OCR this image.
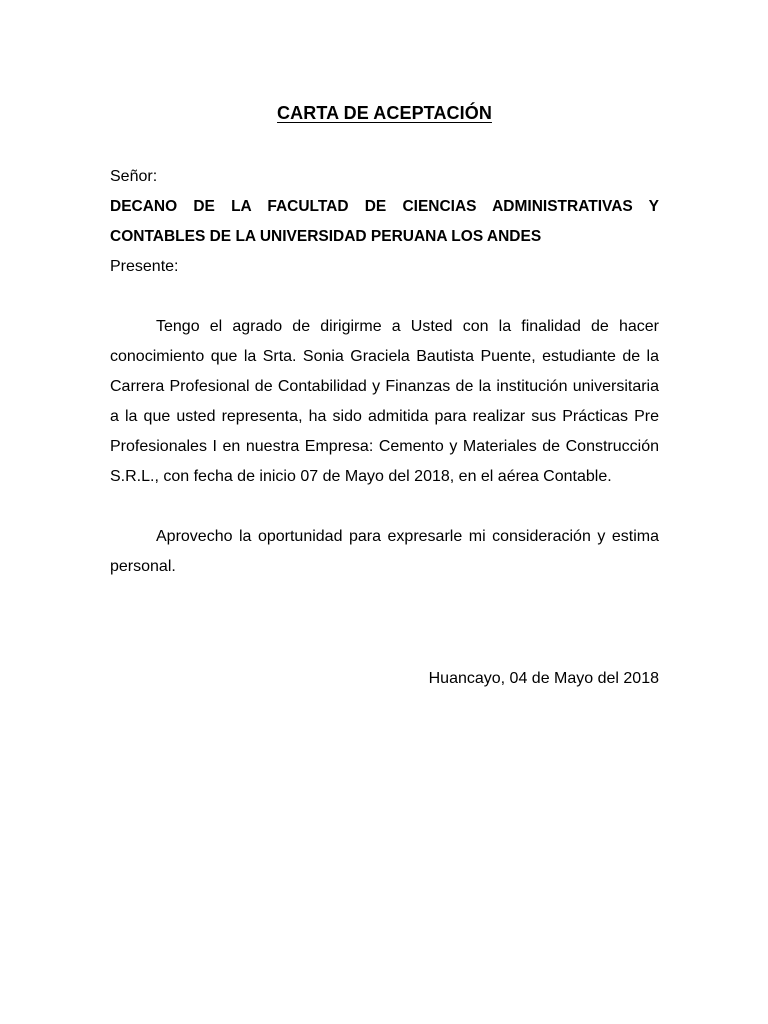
CARTA DE ACEPTACIÓN
Señor:
DECANO DE LA FACULTAD DE CIENCIAS ADMINISTRATIVAS Y CONTABLES DE LA UNIVERSIDAD PERUANA LOS ANDES
Presente:

Tengo el agrado de dirigirme a Usted con la finalidad de hacer conocimiento que la Srta. Sonia Graciela Bautista Puente, estudiante de la Carrera Profesional de Contabilidad y Finanzas de la institución universitaria a la que usted representa, ha sido admitida para realizar sus Prácticas Pre Profesionales I en nuestra Empresa: Cemento y Materiales de Construcción S.R.L., con fecha de inicio 07 de Mayo del 2018, en el aérea Contable.

Aprovecho la oportunidad para expresarle mi consideración y estima personal.

Huancayo, 04 de Mayo del 2018
